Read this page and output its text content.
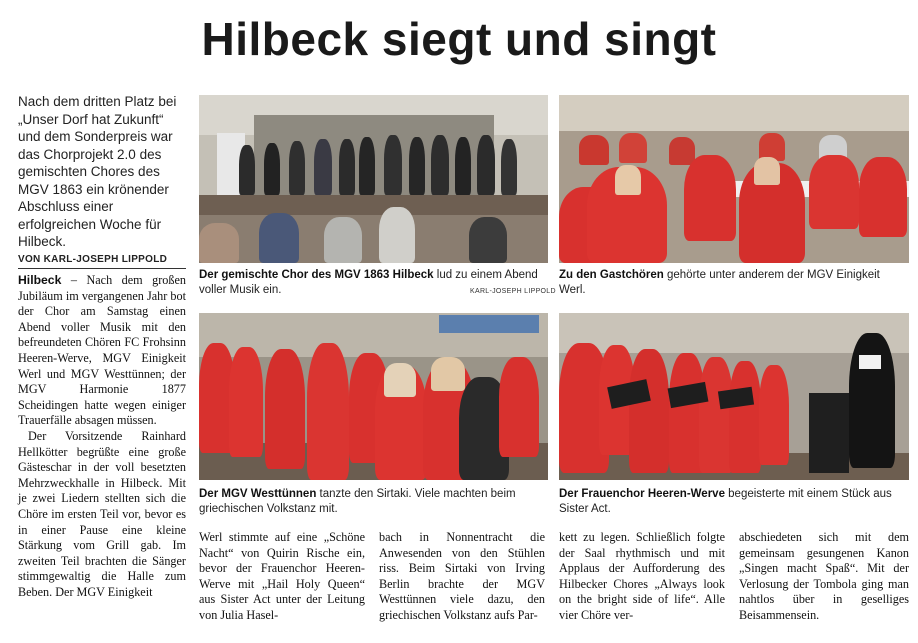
Hilbeck siegt und singt
Nach dem dritten Platz bei „Unser Dorf hat Zukunft“ und dem Sonderpreis war das Chorprojekt 2.0 des gemischten Chores des MGV 1863 ein krönender Abschluss einer erfolgreichen Woche für Hilbeck.
VON KARL-JOSEPH LIPPOLD
Hilbeck – Nach dem großen Jubiläum im vergangenen Jahr bot der Chor am Samstag einen Abend voller Musik mit den befreundeten Chören FC Frohsinn Heeren-Werve, MGV Einigkeit Werl und MGV Westtünnen; der MGV Harmonie 1877 Scheidingen hatte wegen einiger Trauerfälle absagen müssen.
Der Vorsitzende Rainhard Hellkötter begrüßte eine große Gästeschar in der voll besetzten Mehrzweckhalle in Hilbeck. Mit je zwei Liedern stellten sich die Chöre im ersten Teil vor, bevor es in einer Pause eine kleine Stärkung vom Grill gab. Im zweiten Teil brachten die Sänger stimmgewaltig die Halle zum Beben. Der MGV Einigkeit
Der gemischte Chor des MGV 1863 Hilbeck lud zu einem Abend voller Musik ein.	KARL-JOSEPH LIPPOLD
Zu den Gastchören gehörte unter anderem der MGV Einigkeit Werl.
Der MGV Westtünnen tanzte den Sirtaki. Viele machten beim griechischen Volkstanz mit.
Der Frauenchor Heeren-Werve begeisterte mit einem Stück aus Sister Act.
Werl stimmte auf eine „Schöne Nacht“ von Quirin Rische ein, bevor der Frauenchor Heeren-Werve mit „Hail Holy Queen“ aus Sister Act unter der Leitung von Julia Hasel-
bach in Nonnentracht die Anwesenden von den Stühlen riss. Beim Sirtaki von Irving Berlin brachte der MGV Westtünnen viele dazu, den griechischen Volkstanz aufs Par-
kett zu legen. Schließlich folgte der Saal rhythmisch und mit Applaus der Aufforderung des Hilbecker Chores „Always look on the bright side of life“. Alle vier Chöre ver-
abschiedeten sich mit dem gemeinsam gesungenen Kanon „Singen macht Spaß“. Mit der Verlosung der Tombola ging man nahtlos über in geselliges Beisammensein.
